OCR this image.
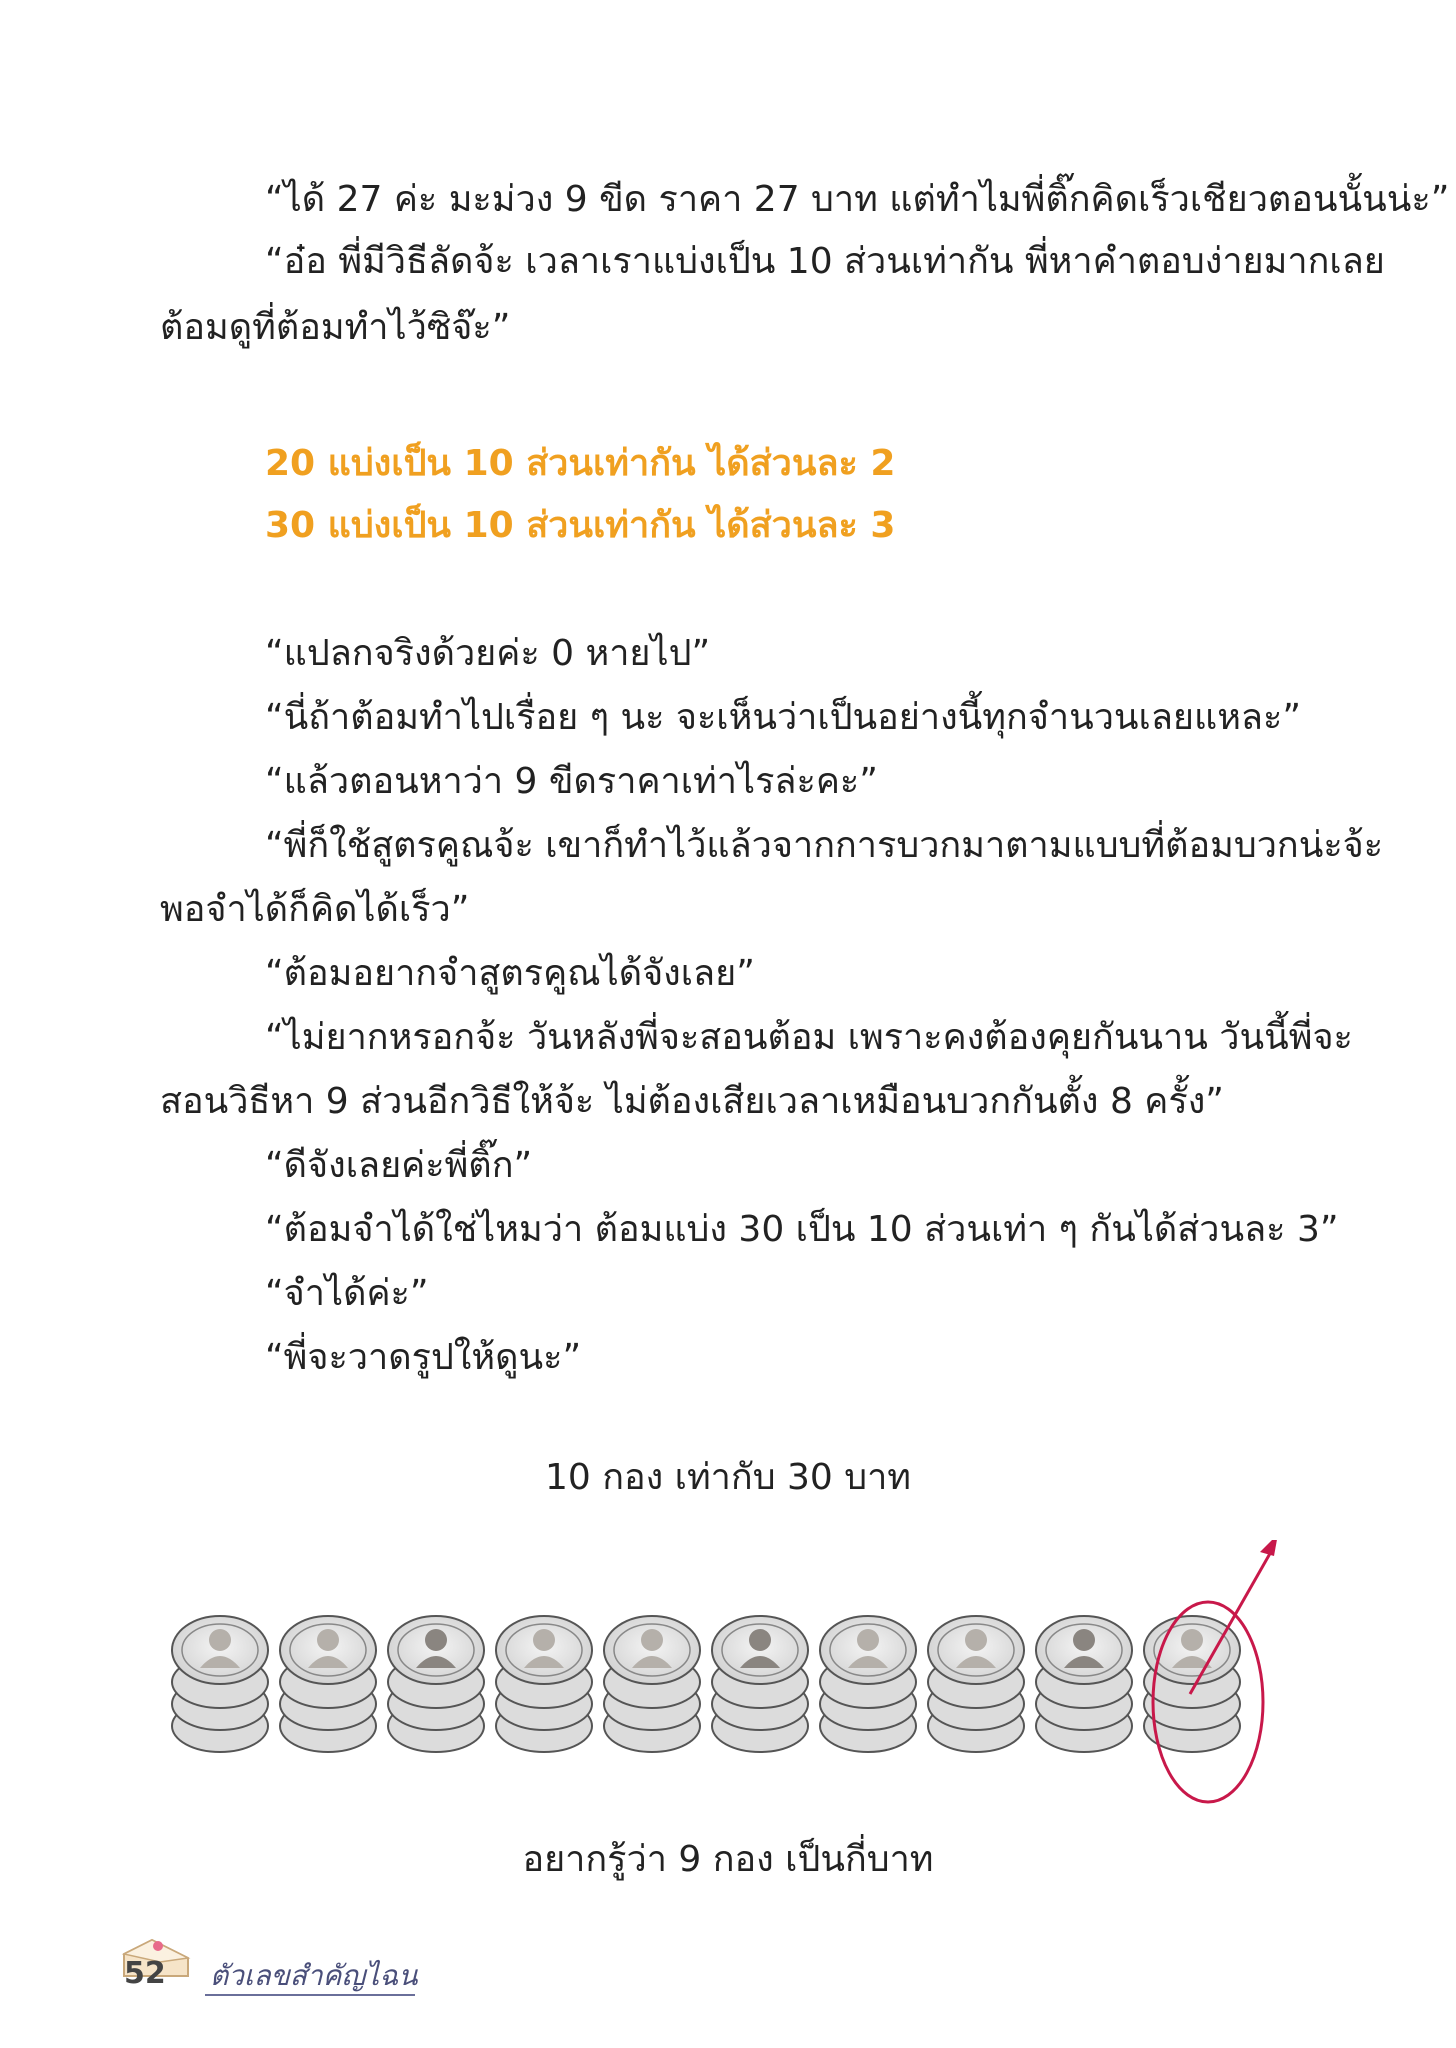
“ได้ 27 ค่ะ มะม่วง 9 ขีด ราคา 27 บาท แต่ทำไมพี่ติ๊กคิดเร็วเชียวตอนนั้นน่ะ”
“อ๋อ พี่มีวิธีลัดจ้ะ เวลาเราแบ่งเป็น 10 ส่วนเท่ากัน พี่หาคำตอบง่ายมากเลย
ต้อมดูที่ต้อมทำไว้ซิจ๊ะ”
20 แบ่งเป็น 10 ส่วนเท่ากัน ได้ส่วนละ 2
30 แบ่งเป็น 10 ส่วนเท่ากัน ได้ส่วนละ 3
“แปลกจริงด้วยค่ะ 0 หายไป”
“นี่ถ้าต้อมทำไปเรื่อย ๆ นะ จะเห็นว่าเป็นอย่างนี้ทุกจำนวนเลยแหละ”
“แล้วตอนหาว่า 9 ขีดราคาเท่าไรล่ะคะ”
“พี่ก็ใช้สูตรคูณจ้ะ เขาก็ทำไว้แล้วจากการบวกมาตามแบบที่ต้อมบวกน่ะจ้ะ
พอจำได้ก็คิดได้เร็ว”
“ต้อมอยากจำสูตรคูณได้จังเลย”
“ไม่ยากหรอกจ้ะ วันหลังพี่จะสอนต้อม เพราะคงต้องคุยกันนาน วันนี้พี่จะ
สอนวิธีหา 9 ส่วนอีกวิธีให้จ้ะ ไม่ต้องเสียเวลาเหมือนบวกกันตั้ง 8 ครั้ง”
“ดีจังเลยค่ะพี่ติ๊ก”
“ต้อมจำได้ใช่ไหมว่า ต้อมแบ่ง 30 เป็น 10 ส่วนเท่า ๆ กันได้ส่วนละ 3”
“จำได้ค่ะ”
“พี่จะวาดรูปให้ดูนะ”
10 กอง เท่ากับ 30 บาท
อยากรู้ว่า 9 กอง เป็นกี่บาท
52 ตัวเลขสำคัญไฉน
